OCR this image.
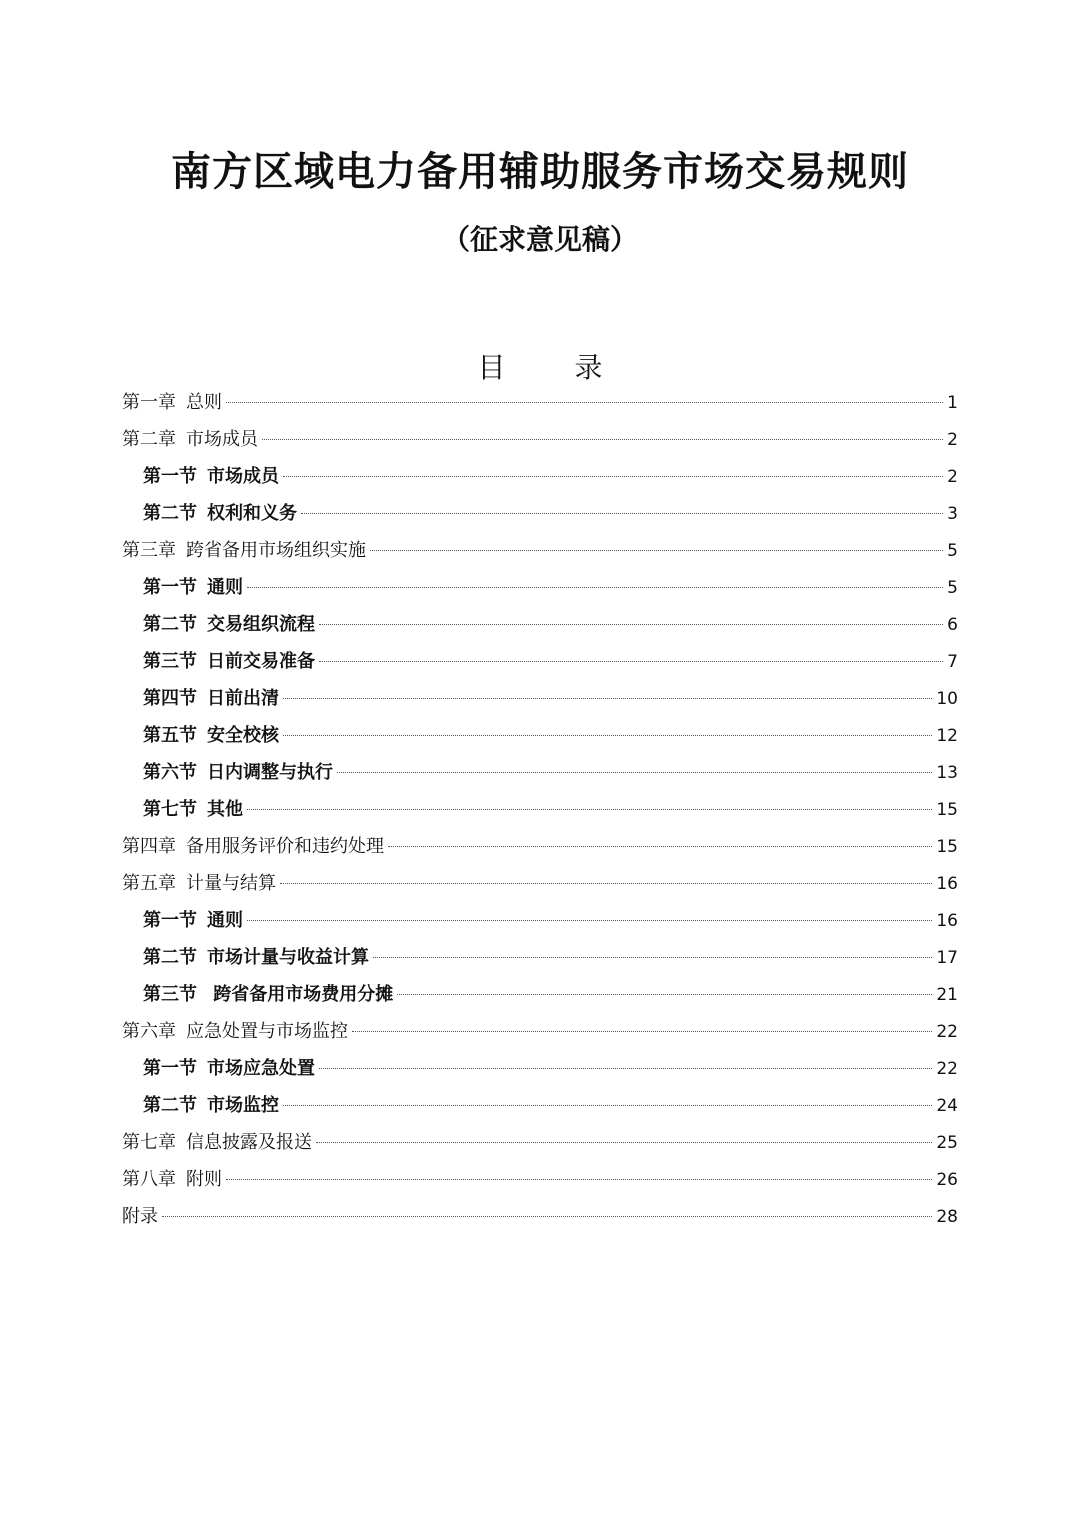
南方区域电力备用辅助服务市场交易规则
（征求意见稿）
目 录
第一章 总则	1
第二章 市场成员	2
第一节 市场成员	2
第二节 权利和义务	3
第三章 跨省备用市场组织实施	5
第一节 通则	5
第二节 交易组织流程	6
第三节 日前交易准备	7
第四节 日前出清	10
第五节 安全校核	12
第六节 日内调整与执行	13
第七节 其他	15
第四章 备用服务评价和违约处理	15
第五章 计量与结算	16
第一节 通则	16
第二节 市场计量与收益计算	17
第三节 跨省备用市场费用分摊	21
第六章 应急处置与市场监控	22
第一节 市场应急处置	22
第二节 市场监控	24
第七章 信息披露及报送	25
第八章 附则	26
附录	28
